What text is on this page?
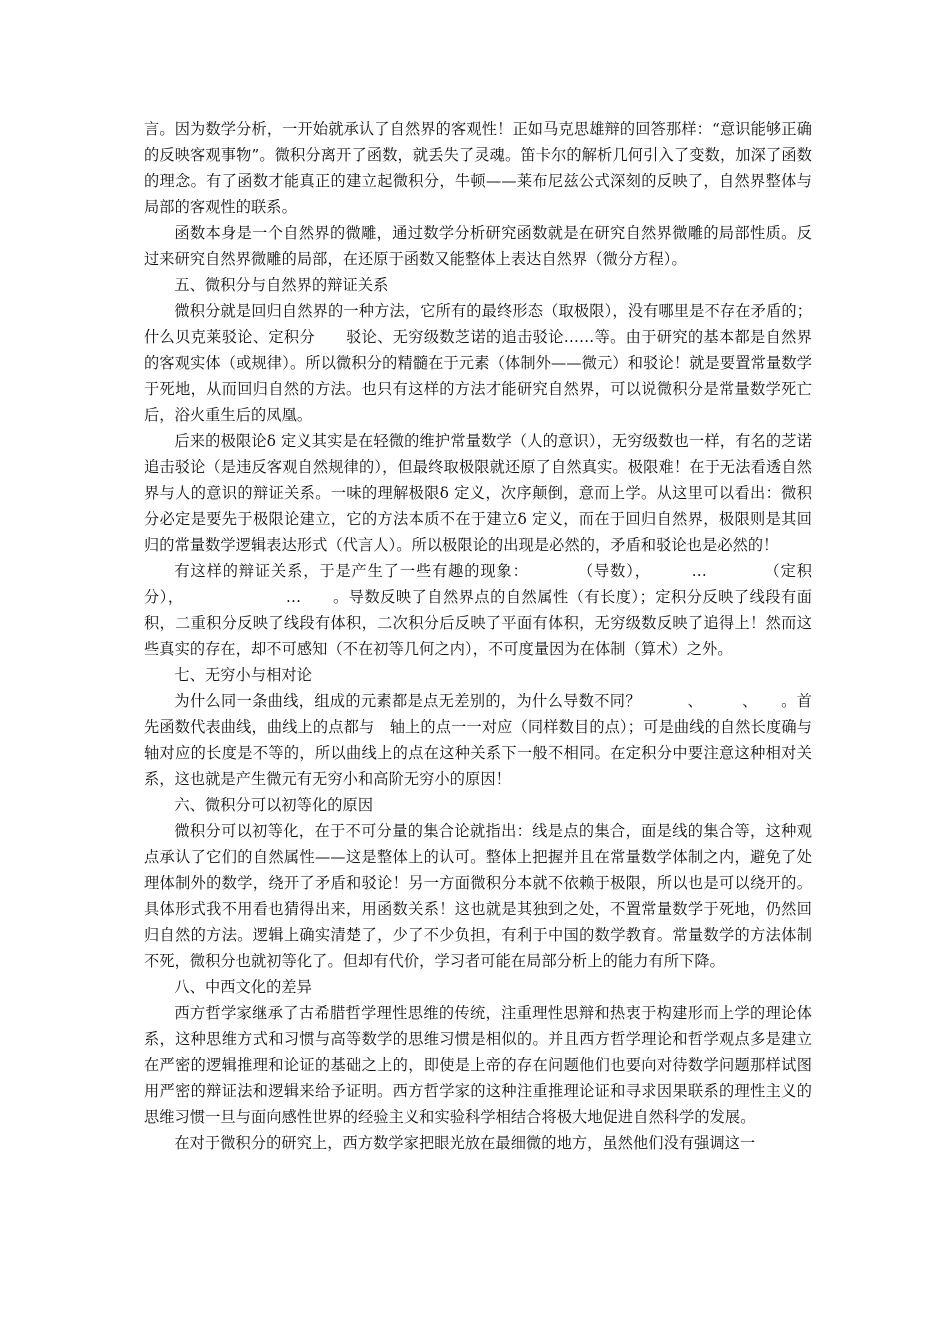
言。因为数学分析，一开始就承认了自然界的客观性！正如马克思雄辩的回答那样：“意识能够正确的反映客观事物”。微积分离开了函数，就丢失了灵魂。笛卡尔的解析几何引入了变数，加深了函数的理念。有了函数才能真正的建立起微积分，牛顿——莱布尼兹公式深刻的反映了，自然界整体与局部的客观性的联系。

函数本身是一个自然界的微雕，通过数学分析研究函数就是在研究自然界微雕的局部性质。反过来研究自然界微雕的局部，在还原于函数又能整体上表达自然界（微分方程）。

五、微积分与自然界的辩证关系

微积分就是回归自然界的一种方法，它所有的最终形态（取极限），没有哪里是不存在矛盾的；什么贝克莱驳论、定积分　　驳论、无穷级数芝诺的追击驳论……等。由于研究的基本都是自然界的客观实体（或规律）。所以微积分的精髓在于元素（体制外——微元）和驳论！就是要置常量数学于死地，从而回归自然的方法。也只有这样的方法才能研究自然界，可以说微积分是常量数学死亡后，浴火重生后的凤凰。

后来的极限论δ 定义其实是在轻微的维护常量数学（人的意识），无穷级数也一样，有名的芝诺追击驳论（是违反客观自然规律的），但最终取极限就还原了自然真实。极限难！在于无法看透自然界与人的意识的辩证关系。一味的理解极限δ 定义，次序颠倒，意而上学。从这里可以看出：微积分必定是要先于极限论建立，它的方法本质不在于建立δ 定义，而在于回归自然界，极限则是其回归的常量数学逻辑表达形式（代言人）。所以极限论的出现是必然的，矛盾和驳论也是必然的！

有这样的辩证关系，于是产生了一些有趣的现象：　　　　（导数），　　　…　　　　（定积分），　　　　　　　…　　。导数反映了自然界点的自然属性（有长度）；定积分反映了线段有面积，二重积分反映了线段有体积，二次积分后反映了平面有体积，无穷级数反映了追得上！然而这些真实的存在，却不可感知（不在初等几何之内），不可度量因为在体制（算术）之外。

七、无穷小与相对论

为什么同一条曲线，组成的元素都是点无差别的，为什么导数不同？　　　、　　　、　　。首先函数代表曲线，曲线上的点都与　轴上的点一一对应（同样数目的点）；可是曲线的自然长度确与　轴对应的长度是不等的，所以曲线上的点在这种关系下一般不相同。在定积分中要注意这种相对关系，这也就是产生微元有无穷小和高阶无穷小的原因！

六、微积分可以初等化的原因

微积分可以初等化，在于不可分量的集合论就指出：线是点的集合，面是线的集合等，这种观点承认了它们的自然属性——这是整体上的认可。整体上把握并且在常量数学体制之内，避免了处理体制外的数学，绕开了矛盾和驳论！另一方面微积分本就不依赖于极限，所以也是可以绕开的。具体形式我不用看也猜得出来，用函数关系！这也就是其独到之处，不置常量数学于死地，仍然回归自然的方法。逻辑上确实清楚了，少了不少负担，有利于中国的数学教育。常量数学的方法体制不死，微积分也就初等化了。但却有代价，学习者可能在局部分析上的能力有所下降。

八、中西文化的差异

西方哲学家继承了古希腊哲学理性思维的传统，注重理性思辩和热衷于构建形而上学的理论体系，这种思维方式和习惯与高等数学的思维习惯是相似的。并且西方哲学理论和哲学观点多是建立在严密的逻辑推理和论证的基础之上的，即使是上帝的存在问题他们也要向对待数学问题那样试图用严密的辩证法和逻辑来给予证明。西方哲学家的这种注重推理论证和寻求因果联系的理性主义的思维习惯一旦与面向感性世界的经验主义和实验科学相结合将极大地促进自然科学的发展。

在对于微积分的研究上，西方数学家把眼光放在最细微的地方，虽然他们没有强调这一
